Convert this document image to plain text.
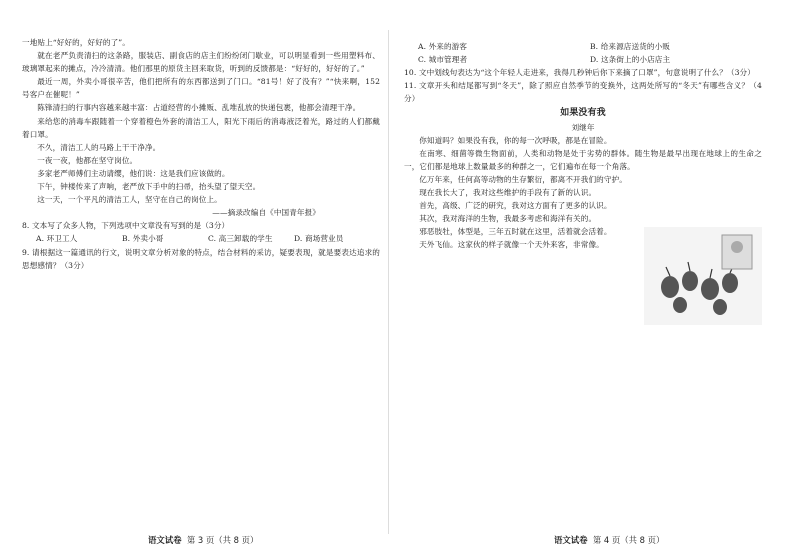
一地贴上“好好的，好好的了”。

就在老严负责清扫的这条路，服装店、副食店的店主们纷纷闭门歇业，可以明显看到一些用塑料布、玻璃罩起来的摊点，冷冷清清。他们那里的原货主回来取货，听到的反馈都是：“好好的，好好的了。”

最近一周，外卖小哥很辛苦，他们把所有的东西都送到了门口。“81号！好了没有？”“快来啊，152号客户在催呢！”

陈锋清扫的行事内容越来越丰富：占道经营的小摊贩、乱堆乱放的快递包裹，他都会清理干净。

来给您的消毒车跟随着一个穿着橙色外套的清洁工人，阳光下雨后的消毒液泛着光，路过的人们都戴着口罩。

不久，清洁工人的马路上干干净净。

一夜一夜，他都在坚守岗位。

多家老严师傅们主动请缨，他们说：这是我们应该做的。

下午，钟楼传来了声响，老严放下手中的扫帚，抬头望了望天空。

这一天，一个平凡的清洁工人，坚守在自己的岗位上。

——摘录改编自《中国青年报》

8. 文本写了众多人物，下列选项中文章没有写到的是（3分）

A. 环卫工人	B. 外卖小哥	C. 高三卸载的学生	D. 商场营业员

9. 请根据这一篇通讯的行文，说明文章分析对象的特点，结合材料的采访，疑要表现，就是要表达追求的思想感情？（3分）

A. 外来的游客	B. 给来源店送货的小贩
C. 城市管理者	D. 这条街上的小店店主

10. 文中划线句表达为“这个年轻人走进来，我得几秒钟后你下来摘了口罩”，句意说明了什么？（3分）

11. 文章开头和结尾都写到“冬天”，除了照应自然季节的变换外，这两处所写的“冬天”有哪些含义？（4分）

如果没有我
刘继年

你知道吗？如果没有我，你的每一次呼吸，都是在冒险。

在南寒、细菌等微生物面前，人类和动物是处于劣势的群体。随生物是最早出现在地球上的生命之一，它们都是地球上数量最多的种群之一，它们遍布在每一个角落。

亿万年来，任何高等动物的生存繁衍，都离不开我们的守护。

现在我长大了，我对这些维护的手段有了新的认识。

首先，高级、广泛的研究，我对这方面有了更多的认识。

其次，我对海洋的生物，我最多考虑和海洋有关的。

邪恶肢牡，体型是，三年五时就在这里，活着就会活着。

天外飞仙。这家伙的样子就像一个天外来客，非常像。

语文试卷 第 3 页（共 8 页）	语文试卷 第 4 页（共 8 页）
